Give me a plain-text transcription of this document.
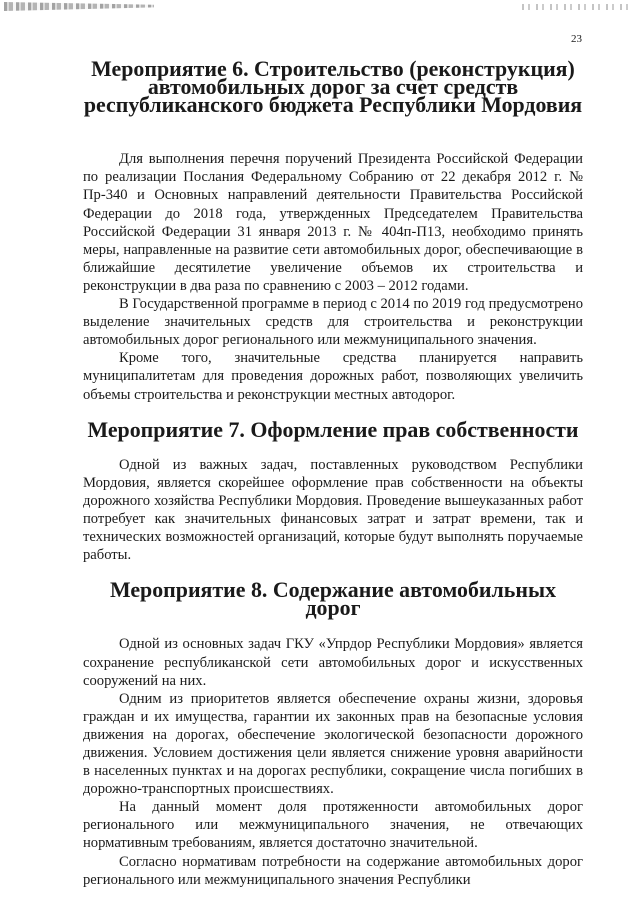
23
Мероприятие 6. Строительство (реконструкция) автомобильных дорог за счет средств республиканского бюджета Республики Мордовия

Для выполнения перечня поручений Президента Российской Федерации по реализации Послания Федеральному Собранию от 22 декабря 2012 г. № Пр-340 и Основных направлений деятельности Правительства Российской Федерации до 2018 года, утвержденных Председателем Правительства Российской Федерации 31 января 2013 г. № 404п-П13, необходимо принять меры, направленные на развитие сети автомобильных дорог, обеспечивающие в ближайшие десятилетие увеличение объемов их строительства и реконструкции в два раза по сравнению с 2003 – 2012 годами.

В Государственной программе в период с 2014 по 2019 год предусмотрено выделение значительных средств для строительства и реконструкции автомобильных дорог регионального или межмуниципального значения.

Кроме того, значительные средства планируется направить муниципалитетам для проведения дорожных работ, позволяющих увеличить объемы строительства и реконструкции местных автодорог.

Мероприятие 7. Оформление прав собственности

Одной из важных задач, поставленных руководством Республики Мордовия, является скорейшее оформление прав собственности на объекты дорожного хозяйства Республики Мордовия. Проведение вышеуказанных работ потребует как значительных финансовых затрат и затрат времени, так и технических возможностей организаций, которые будут выполнять поручаемые работы.

Мероприятие 8. Содержание автомобильных дорог

Одной из основных задач ГКУ «Упрдор Республики Мордовия» является сохранение республиканской сети автомобильных дорог и искусственных сооружений на них.

Одним из приоритетов является обеспечение охраны жизни, здоровья граждан и их имущества, гарантии их законных прав на безопасные условия движения на дорогах, обеспечение экологической безопасности дорожного движения. Условием достижения цели является снижение уровня аварийности в населенных пунктах и на дорогах республики, сокращение числа погибших в дорожно-транспортных происшествиях.

На данный момент доля протяженности автомобильных дорог регионального или межмуниципального значения, не отвечающих нормативным требованиям, является достаточно значительной.

Согласно нормативам потребности на содержание автомобильных дорог регионального или межмуниципального значения Республики
